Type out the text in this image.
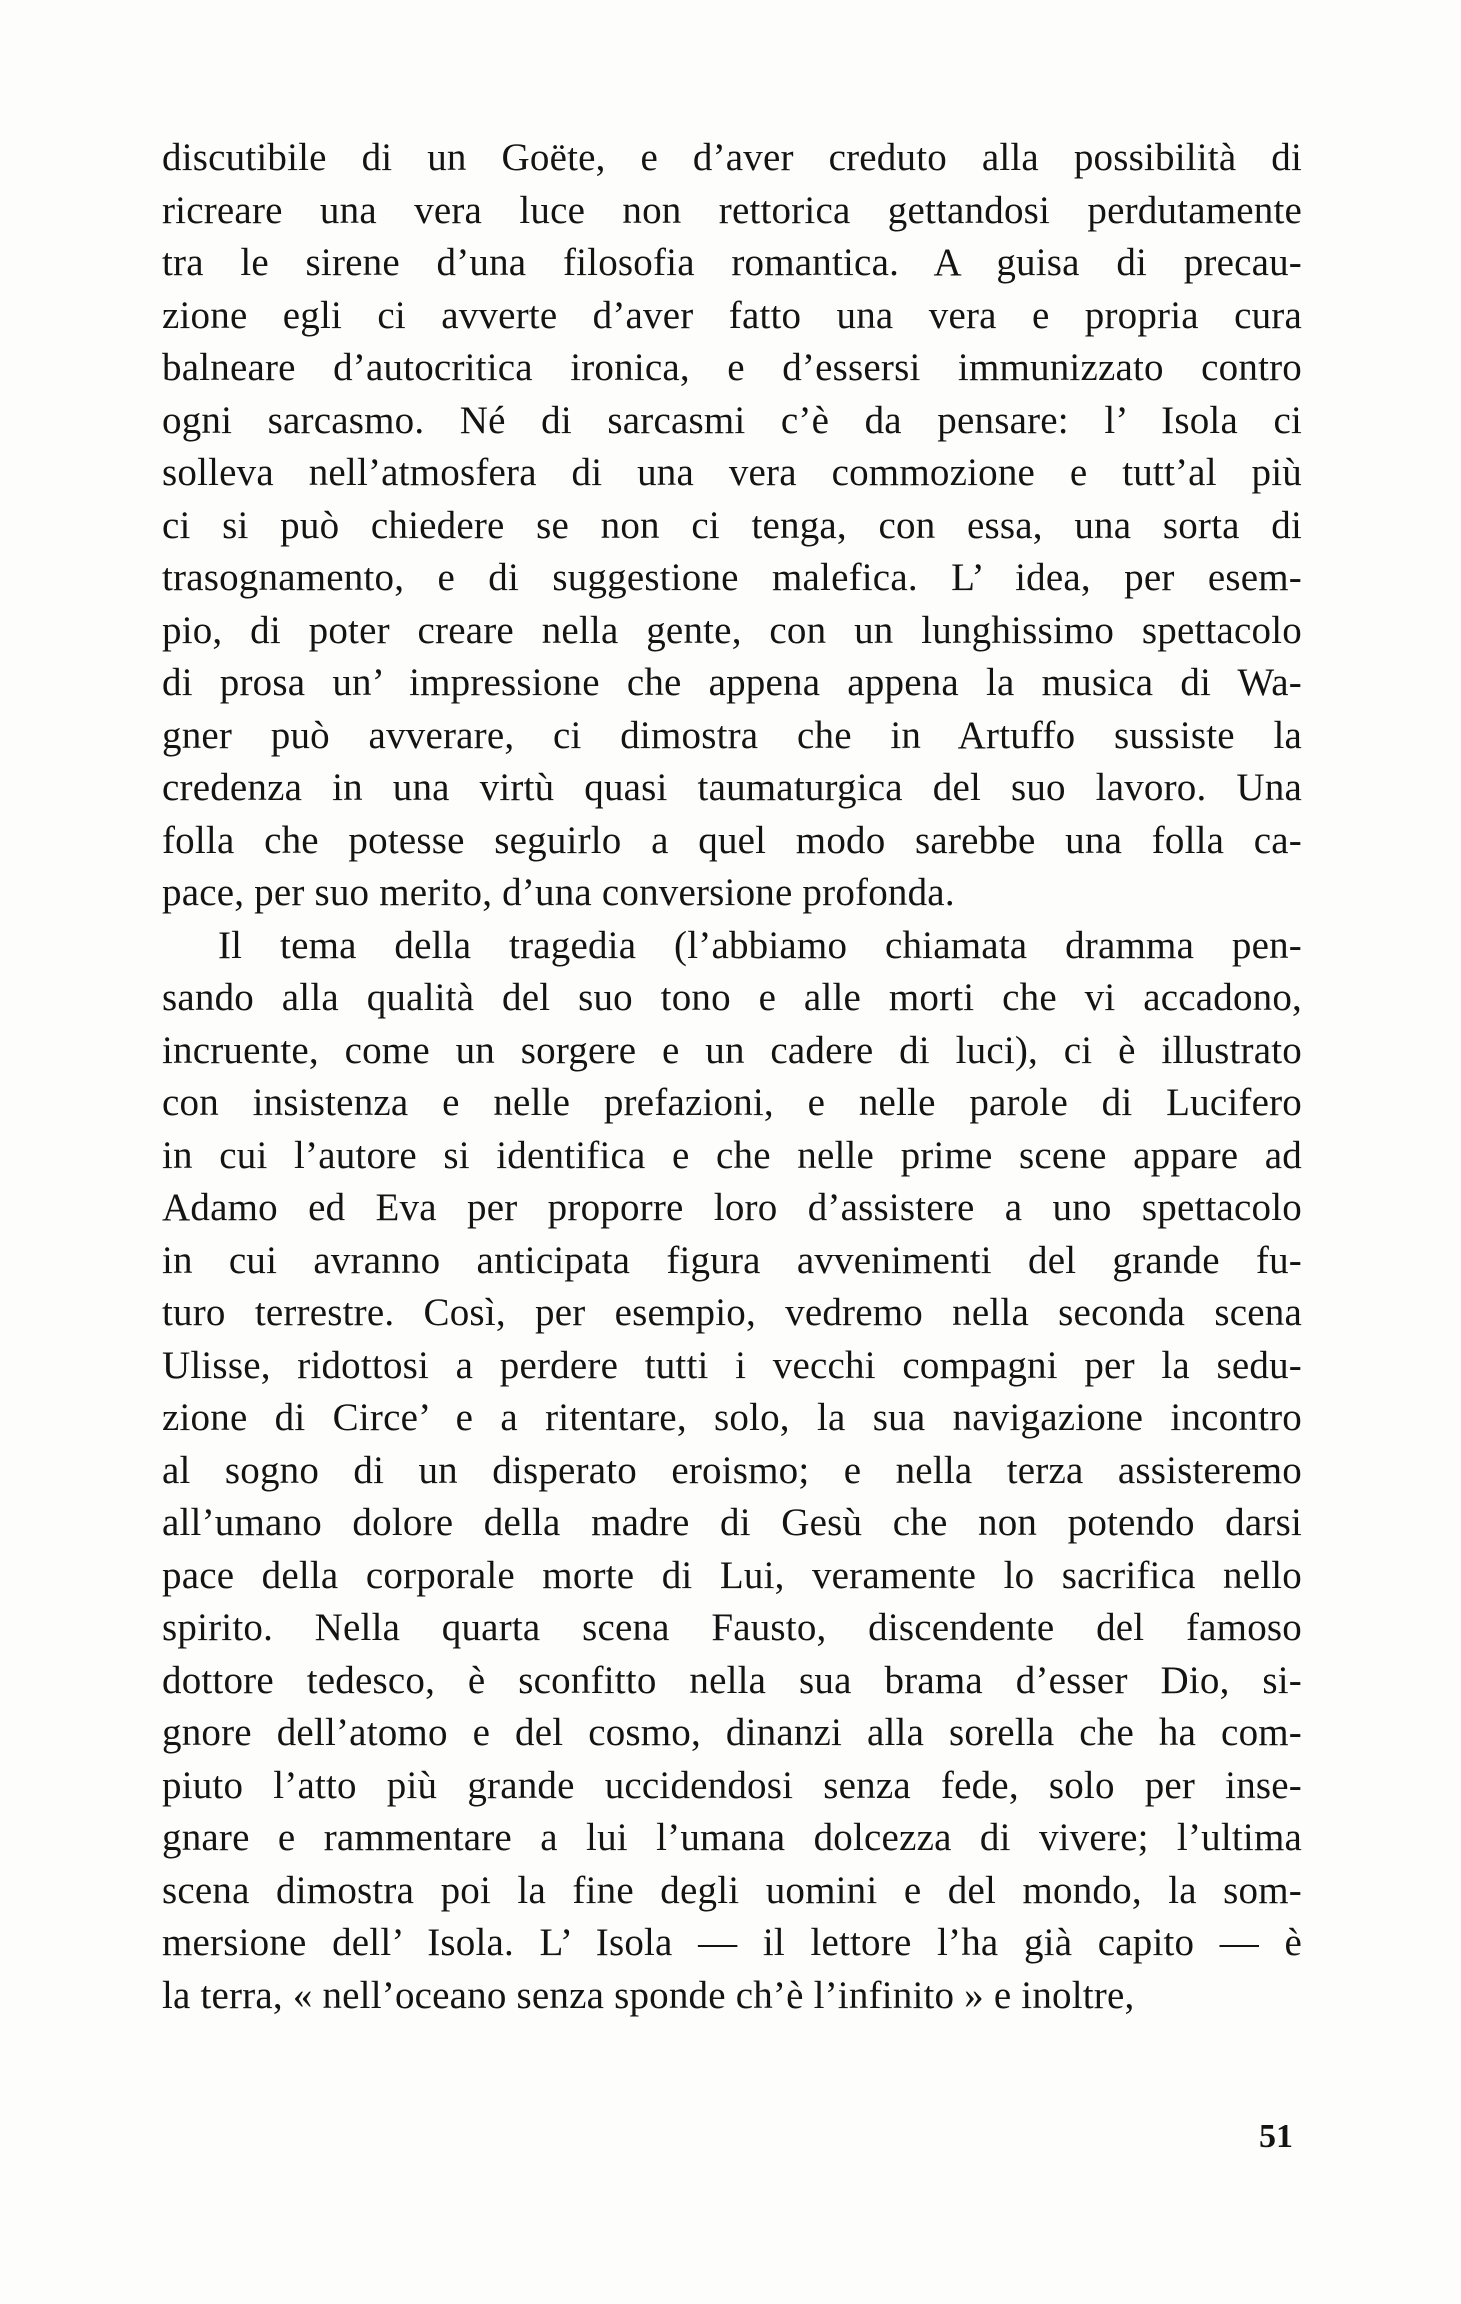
discutibile di un Goëte, e d’aver creduto alla possibilità di
ricreare una vera luce non rettorica gettandosi perdutamente
tra le sirene d’una filosofia romantica. A guisa di precau-
zione egli ci avverte d’aver fatto una vera e propria cura
balneare d’autocritica ironica, e d’essersi immunizzato contro
ogni sarcasmo. Né di sarcasmi c’è da pensare: l’ Isola ci
solleva nell’atmosfera di una vera commozione e tutt’al più
ci si può chiedere se non ci tenga, con essa, una sorta di
trasognamento, e di suggestione malefica. L’ idea, per esem-
pio, di poter creare nella gente, con un lunghissimo spettacolo
di prosa un’ impressione che appena appena la musica di Wa-
gner può avverare, ci dimostra che in Artuffo sussiste la
credenza in una virtù quasi taumaturgica del suo lavoro. Una
folla che potesse seguirlo a quel modo sarebbe una folla ca-
pace, per suo merito, d’una conversione profonda.
Il tema della tragedia (l’abbiamo chiamata dramma pen-
sando alla qualità del suo tono e alle morti che vi accadono,
incruente, come un sorgere e un cadere di luci), ci è illustrato
con insistenza e nelle prefazioni, e nelle parole di Lucifero
in cui l’autore si identifica e che nelle prime scene appare ad
Adamo ed Eva per proporre loro d’assistere a uno spettacolo
in cui avranno anticipata figura avvenimenti del grande fu-
turo terrestre. Così, per esempio, vedremo nella seconda scena
Ulisse, ridottosi a perdere tutti i vecchi compagni per la sedu-
zione di Circe’ e a ritentare, solo, la sua navigazione incontro
al sogno di un disperato eroismo; e nella terza assisteremo
all’umano dolore della madre di Gesù che non potendo darsi
pace della corporale morte di Lui, veramente lo sacrifica nello
spirito. Nella quarta scena Fausto, discendente del famoso
dottore tedesco, è sconfitto nella sua brama d’esser Dio, si-
gnore dell’atomo e del cosmo, dinanzi alla sorella che ha com-
piuto l’atto più grande uccidendosi senza fede, solo per inse-
gnare e rammentare a lui l’umana dolcezza di vivere; l’ultima
scena dimostra poi la fine degli uomini e del mondo, la som-
mersione dell’ Isola. L’ Isola — il lettore l’ha già capito — è
la terra, « nell’oceano senza sponde ch’è l’infinito » e inoltre,
51
